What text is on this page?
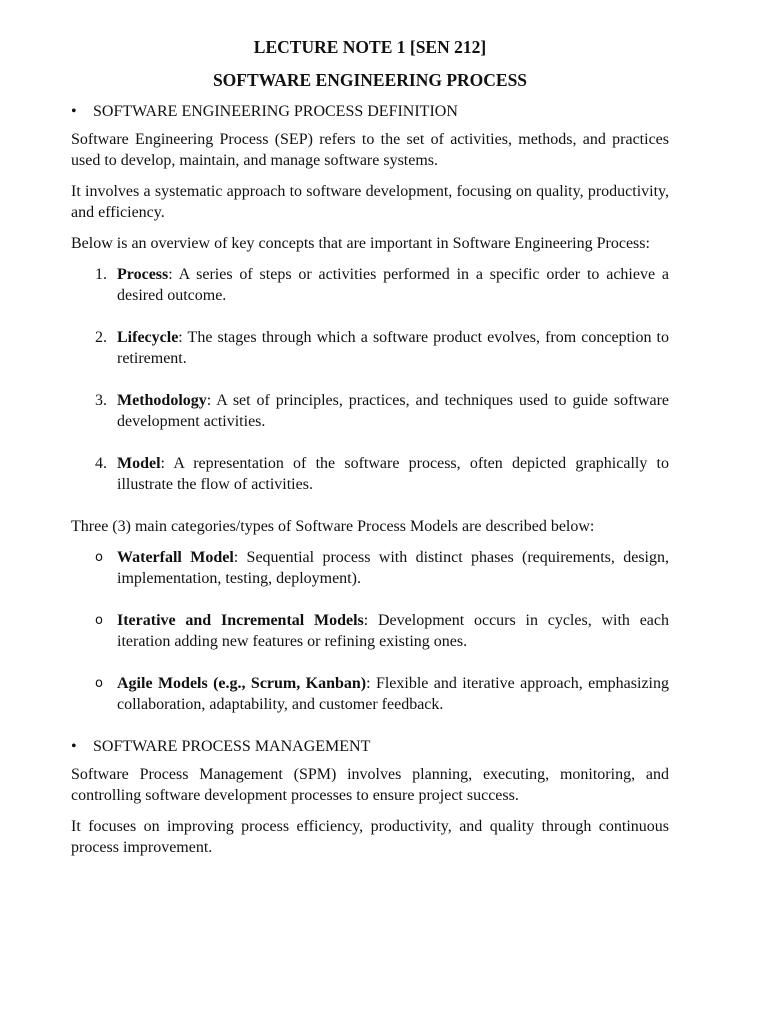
LECTURE NOTE 1 [SEN 212]
SOFTWARE ENGINEERING PROCESS
• SOFTWARE ENGINEERING PROCESS DEFINITION

Software Engineering Process (SEP) refers to the set of activities, methods, and practices used to develop, maintain, and manage software systems.

It involves a systematic approach to software development, focusing on quality, productivity, and efficiency.

Below is an overview of key concepts that are important in Software Engineering Process:

1. Process: A series of steps or activities performed in a specific order to achieve a desired outcome.
2. Lifecycle: The stages through which a software product evolves, from conception to retirement.
3. Methodology: A set of principles, practices, and techniques used to guide software development activities.
4. Model: A representation of the software process, often depicted graphically to illustrate the flow of activities.

Three (3) main categories/types of Software Process Models are described below:

o Waterfall Model: Sequential process with distinct phases (requirements, design, implementation, testing, deployment).
o Iterative and Incremental Models: Development occurs in cycles, with each iteration adding new features or refining existing ones.
o Agile Models (e.g., Scrum, Kanban): Flexible and iterative approach, emphasizing collaboration, adaptability, and customer feedback.
• SOFTWARE PROCESS MANAGEMENT

Software Process Management (SPM) involves planning, executing, monitoring, and controlling software development processes to ensure project success.

It focuses on improving process efficiency, productivity, and quality through continuous process improvement.
